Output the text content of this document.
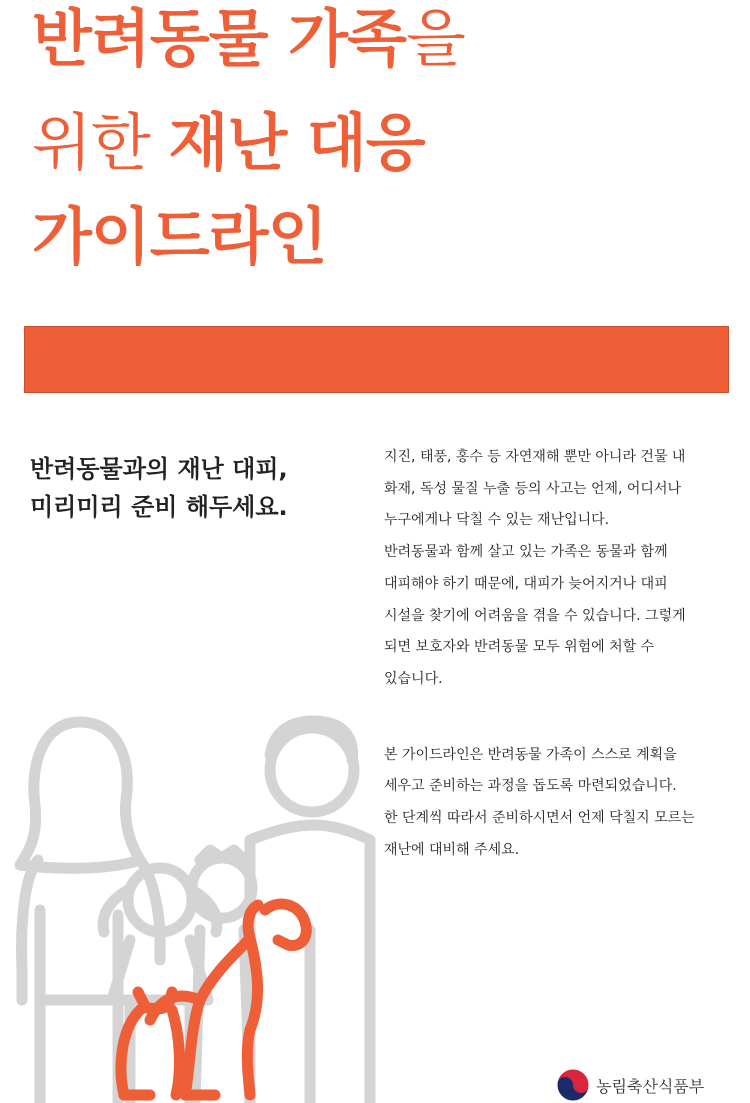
반려동물 가족을
위한 재난 대응
가이드라인
반려동물과의 재난 대피,
미리미리 준비 해두세요.
지진, 태풍, 홍수 등 자연재해 뿐만 아니라 건물 내
화재, 독성 물질 누출 등의 사고는 언제, 어디서나
누구에게나 닥칠 수 있는 재난입니다.
반려동물과 함께 살고 있는 가족은 동물과 함께
대피해야 하기 때문에, 대피가 늦어지거나 대피
시설을 찾기에 어려움을 겪을 수 있습니다. 그렇게
되면 보호자와 반려동물 모두 위험에 처할 수
있습니다.
본 가이드라인은 반려동물 가족이 스스로 계획을
세우고 준비하는 과정을 돕도록 마련되었습니다.
한 단계씩 따라서 준비하시면서 언제 닥칠지 모르는
재난에 대비해 주세요.
농림축산식품부
